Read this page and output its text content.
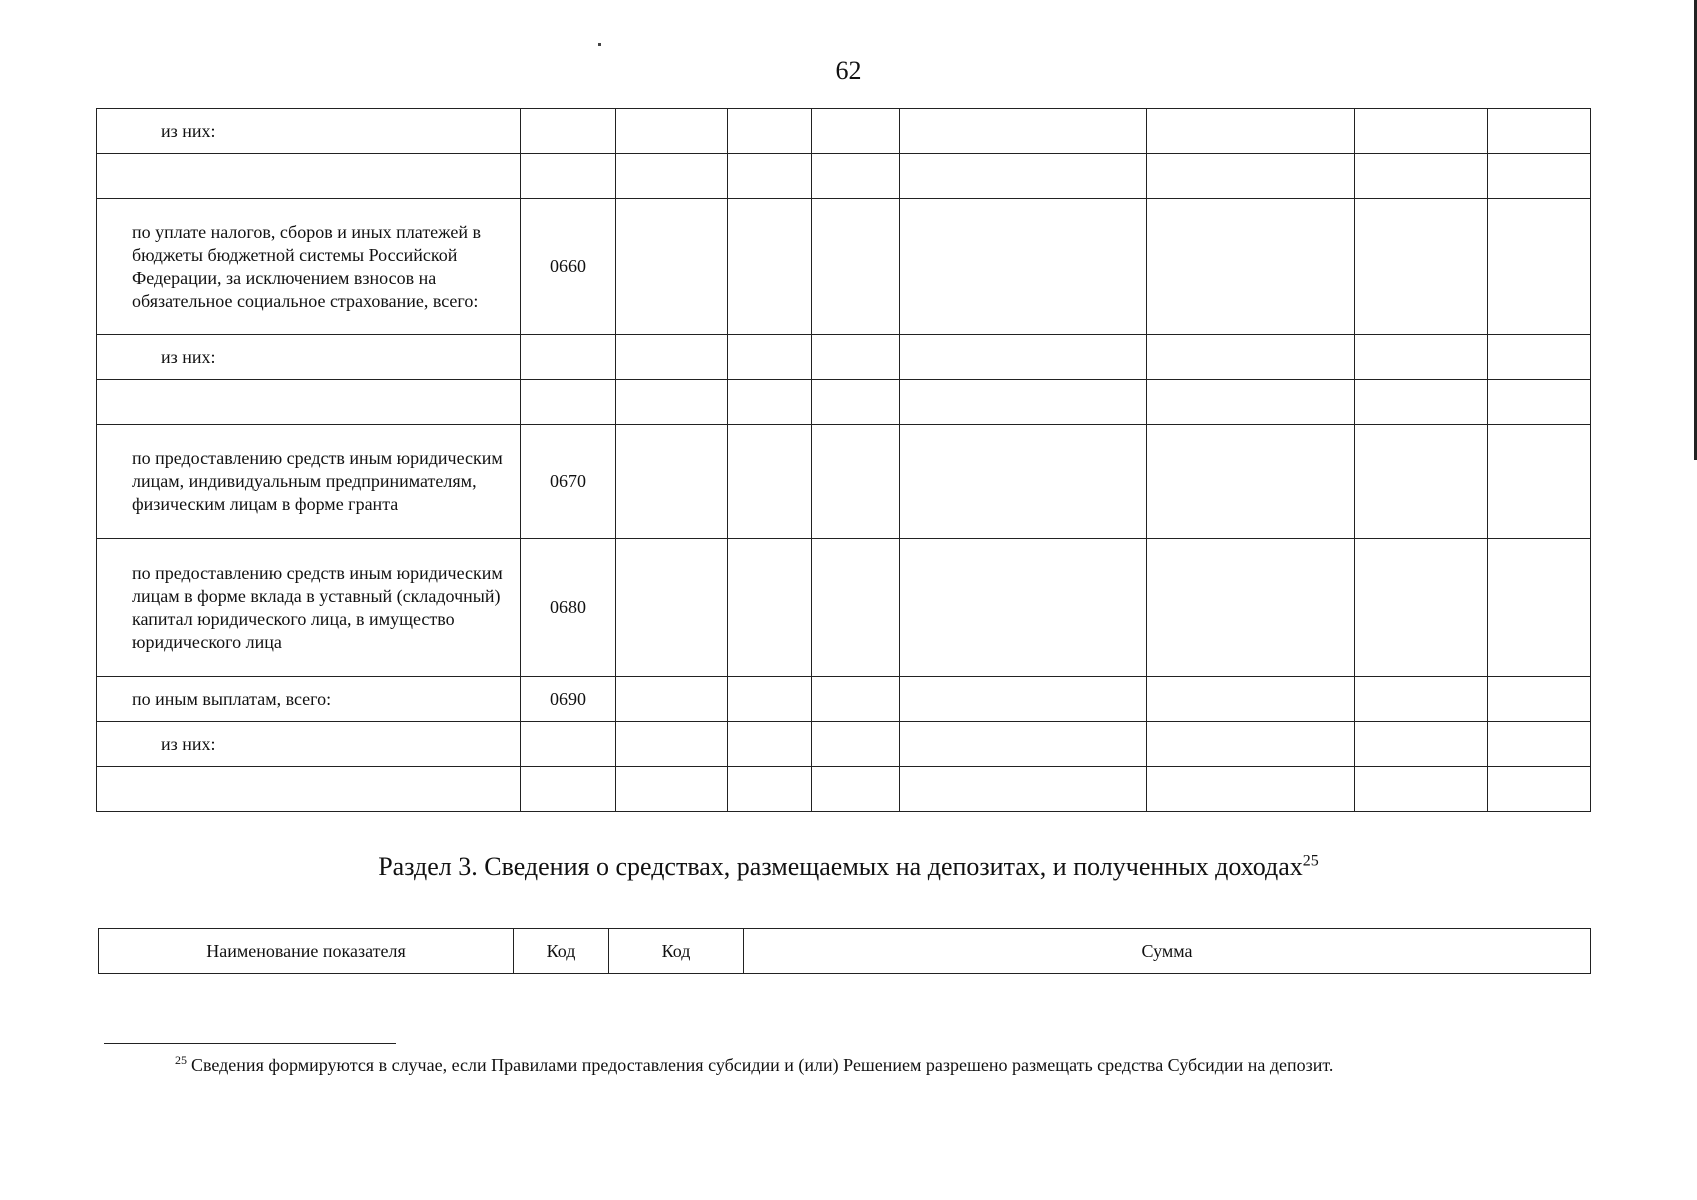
62
из них:								

по уплате налогов, сборов и иных платежей в бюджеты бюджетной системы Российской Федерации, за исключением взносов на обязательное социальное страхование, всего:	0660							
из них:								

по предоставлению средств иным юридическим лицам, индивидуальным предпринимателям, физическим лицам в форме гранта	0670							
по предоставлению средств иным юридическим лицам в форме вклада в уставный (складочный) капитал юридического лица, в имущество юридического лица	0680							
по иным выплатам, всего:	0690							
из них:								

Раздел 3. Сведения о средствах, размещаемых на депозитах, и полученных доходах$^{25}$
Наименование показателя	Код	Код	Сумма
$^{25}$ Сведения формируются в случае, если Правилами предоставления субсидии и (или) Решением разрешено размещать средства Субсидии на депозит.
